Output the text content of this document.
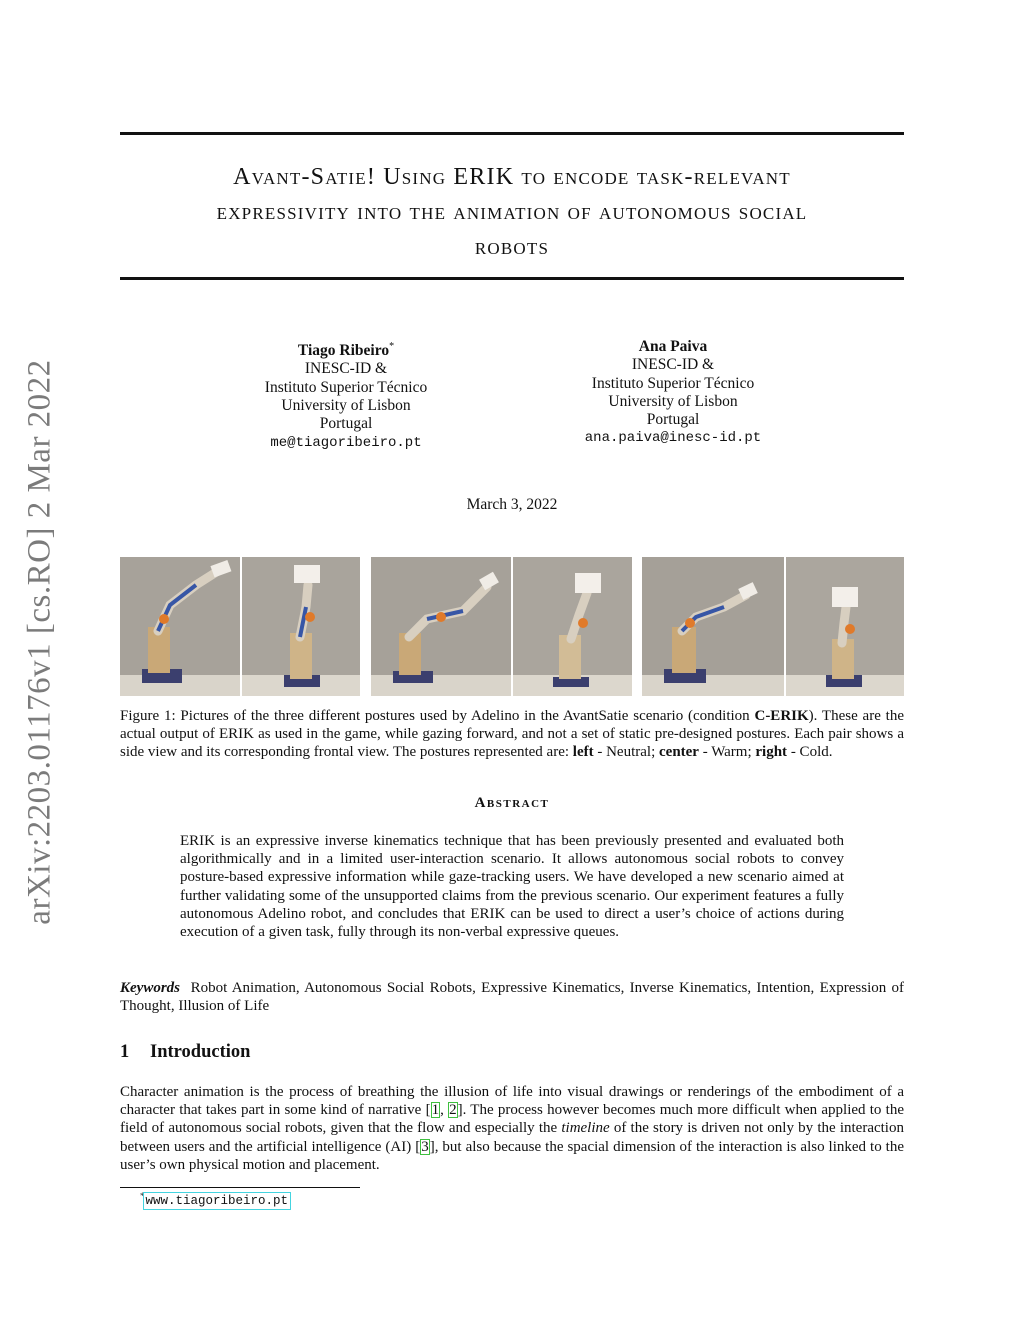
arXiv:2203.01176v1 [cs.RO] 2 Mar 2022
Avant-Satie! Using ERIK to encode task-relevant
expressivity into the animation of autonomous social
robots
Tiago Ribeiro*
INESC-ID &
Instituto Superior Técnico
University of Lisbon
Portugal
me@tiagoribeiro.pt
Ana Paiva
INESC-ID &
Instituto Superior Técnico
University of Lisbon
Portugal
ana.paiva@inesc-id.pt
March 3, 2022
Figure 1: Pictures of the three different postures used by Adelino in the AvantSatie scenario (condition C-ERIK). These are the actual output of ERIK as used in the game, while gazing forward, and not a set of static pre-designed postures. Each pair shows a side view and its corresponding frontal view. The postures represented are: left - Neutral; center - Warm; right - Cold.
Abstract
ERIK is an expressive inverse kinematics technique that has been previously presented and evaluated both algorithmically and in a limited user-interaction scenario. It allows autonomous social robots to convey posture-based expressive information while gaze-tracking users. We have developed a new scenario aimed at further validating some of the unsupported claims from the previous scenario. Our experiment features a fully autonomous Adelino robot, and concludes that ERIK can be used to direct a user’s choice of actions during execution of a given task, fully through its non-verbal expressive queues.
Keywords Robot Animation, Autonomous Social Robots, Expressive Kinematics, Inverse Kinematics, Intention, Expression of Thought, Illusion of Life
1 Introduction
Character animation is the process of breathing the illusion of life into visual drawings or renderings of the embodiment of a character that takes part in some kind of narrative [1, 2]. The process however becomes much more difficult when applied to the field of autonomous social robots, given that the flow and especially the timeline of the story is driven not only by the interaction between users and the artificial intelligence (AI) [3], but also because the spacial dimension of the interaction is also linked to the user’s own physical motion and placement.
*www.tiagoribeiro.pt
